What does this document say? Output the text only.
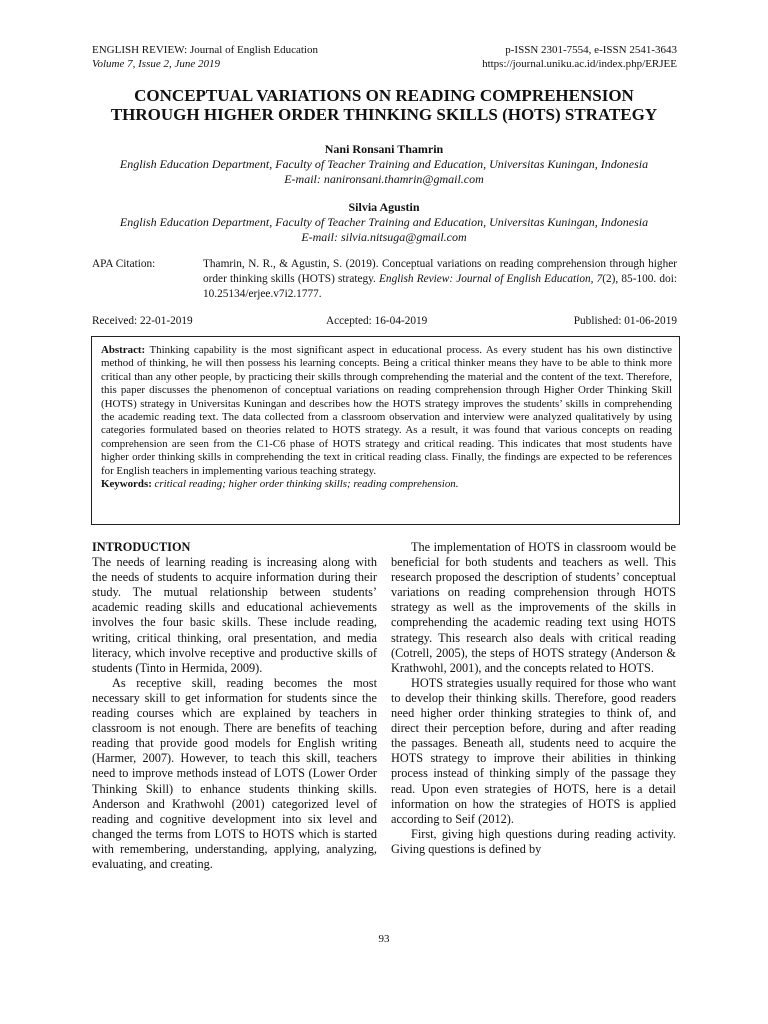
ENGLISH REVIEW: Journal of English Education
Volume 7, Issue 2, June 2019
p-ISSN 2301-7554, e-ISSN 2541-3643
https://journal.uniku.ac.id/index.php/ERJEE
CONCEPTUAL VARIATIONS ON READING COMPREHENSION
THROUGH HIGHER ORDER THINKING SKILLS (HOTS) STRATEGY
Nani Ronsani Thamrin
English Education Department, Faculty of Teacher Training and Education, Universitas Kuningan, Indonesia
E-mail: nanironsani.thamrin@gmail.com
Silvia Agustin
English Education Department, Faculty of Teacher Training and Education, Universitas Kuningan, Indonesia
E-mail: silvia.nitsuga@gmail.com
APA Citation:	Thamrin, N. R., & Agustin, S. (2019). Conceptual variations on reading comprehension through higher order thinking skills (HOTS) strategy. English Review: Journal of English Education, 7(2), 85-100. doi: 10.25134/erjee.v7i2.1777.
Received: 22-01-2019	Accepted: 16-04-2019	Published: 01-06-2019
Abstract: Thinking capability is the most significant aspect in educational process. As every student has his own distinctive method of thinking, he will then possess his learning concepts. Being a critical thinker means they have to be able to think more critical than any other people, by practicing their skills through comprehending the material and the content of the text. Therefore, this paper discusses the phenomenon of conceptual variations on reading comprehension through Higher Order Thinking Skill (HOTS) strategy in Universitas Kuningan and describes how the HOTS strategy improves the students’ skills in comprehending the academic reading text. The data collected from a classroom observation and interview were analyzed qualitatively by using categories formulated based on theories related to HOTS strategy. As a result, it was found that various concepts on reading comprehension are seen from the C1-C6 phase of HOTS strategy and critical reading. This indicates that most students have higher order thinking skills in comprehending the text in critical reading class. Finally, the findings are expected to be references for English teachers in implementing various teaching strategy.
Keywords: critical reading; higher order thinking skills; reading comprehension.
INTRODUCTION

The needs of learning reading is increasing along with the needs of students to acquire information during their study. The mutual relationship between students’ academic reading skills and educational achievements involves the four basic skills. These include reading, writing, critical thinking, oral presentation, and media literacy, which involve receptive and productive skills of students (Tinto in Hermida, 2009).

As receptive skill, reading becomes the most necessary skill to get information for students since the reading courses which are explained by teachers in classroom is not enough. There are benefits of teaching reading that provide good models for English writing (Harmer, 2007). However, to teach this skill, teachers need to improve methods instead of LOTS (Lower Order Thinking Skill) to enhance students thinking skills. Anderson and Krathwohl (2001) categorized level of reading and cognitive development into six level and changed the terms from LOTS to HOTS which is started with remembering, understanding, applying, analyzing, evaluating, and creating.

The implementation of HOTS in classroom would be beneficial for both students and teachers as well. This research proposed the description of students’ conceptual variations on reading comprehension through HOTS strategy as well as the improvements of the skills in comprehending the academic reading text using HOTS strategy. This research also deals with critical reading (Cotrell, 2005), the steps of HOTS strategy (Anderson & Krathwohl, 2001), and the concepts related to HOTS.

HOTS strategies usually required for those who want to develop their thinking skills. Therefore, good readers need higher order thinking strategies to think of, and direct their perception before, during and after reading the passages. Beneath all, students need to acquire the HOTS strategy to improve their abilities in thinking process instead of thinking simply of the passage they read. Upon even strategies of HOTS, here is a detail information on how the strategies of HOTS is applied according to Seif (2012).

First, giving high questions during reading activity. Giving questions is defined by

93
